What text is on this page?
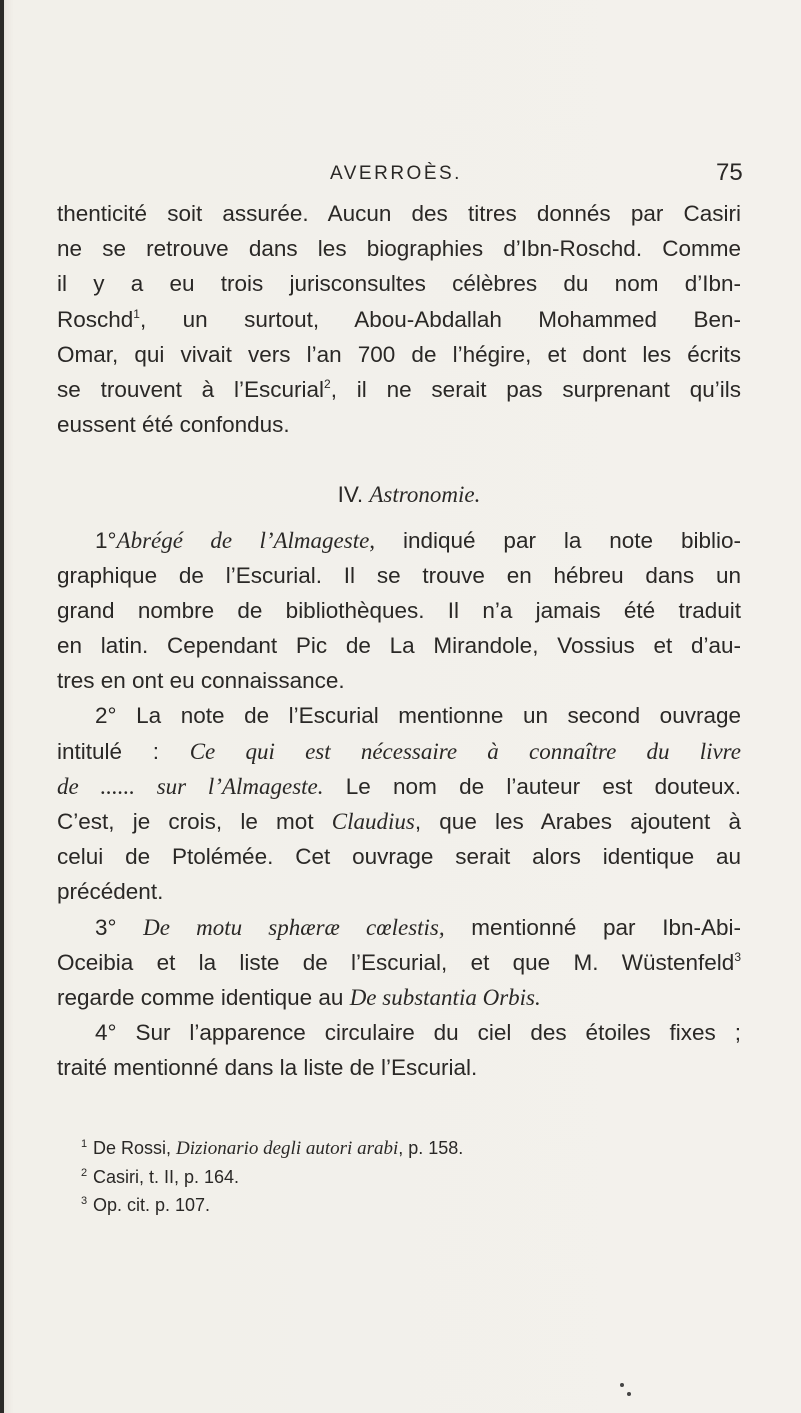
AVERROÈS.	75
thenticité soit assurée. Aucun des titres donnés par Casiri
ne se retrouve dans les biographies d’Ibn-Roschd. Comme
il y a eu trois jurisconsultes célèbres du nom d’Ibn-
Roschd$^1$, un surtout, Abou-Abdallah Mohammed Ben-
Omar, qui vivait vers l’an 700 de l’hégire, et dont les écrits
se trouvent à l’Escurial$^2$, il ne serait pas surprenant qu’ils
eussent été confondus.
IV. Astronomie.
1°Abrégé de l’Almageste, indiqué par la note biblio-
graphique de l’Escurial. Il se trouve en hébreu dans un
grand nombre de bibliothèques. Il n’a jamais été traduit
en latin. Cependant Pic de La Mirandole, Vossius et d’au-
tres en ont eu connaissance.
2° La note de l’Escurial mentionne un second ouvrage
intitulé : Ce qui est nécessaire à connaître du livre
de ...... sur l’Almageste. Le nom de l’auteur est douteux.
C’est, je crois, le mot Claudius, que les Arabes ajoutent à
celui de Ptolémée. Cet ouvrage serait alors identique au
précédent.
3° De motu sphæræ cœlestis, mentionné par Ibn-Abi-
Oceibia et la liste de l’Escurial, et que M. Wüstenfeld$^3$
regarde comme identique au De substantia Orbis.
4° Sur l’apparence circulaire du ciel des étoiles fixes ;
traité mentionné dans la liste de l’Escurial.
1 De Rossi, Dizionario degli autori arabi, p. 158.
2 Casiri, t. II, p. 164.
3 Op. cit. p. 107.
